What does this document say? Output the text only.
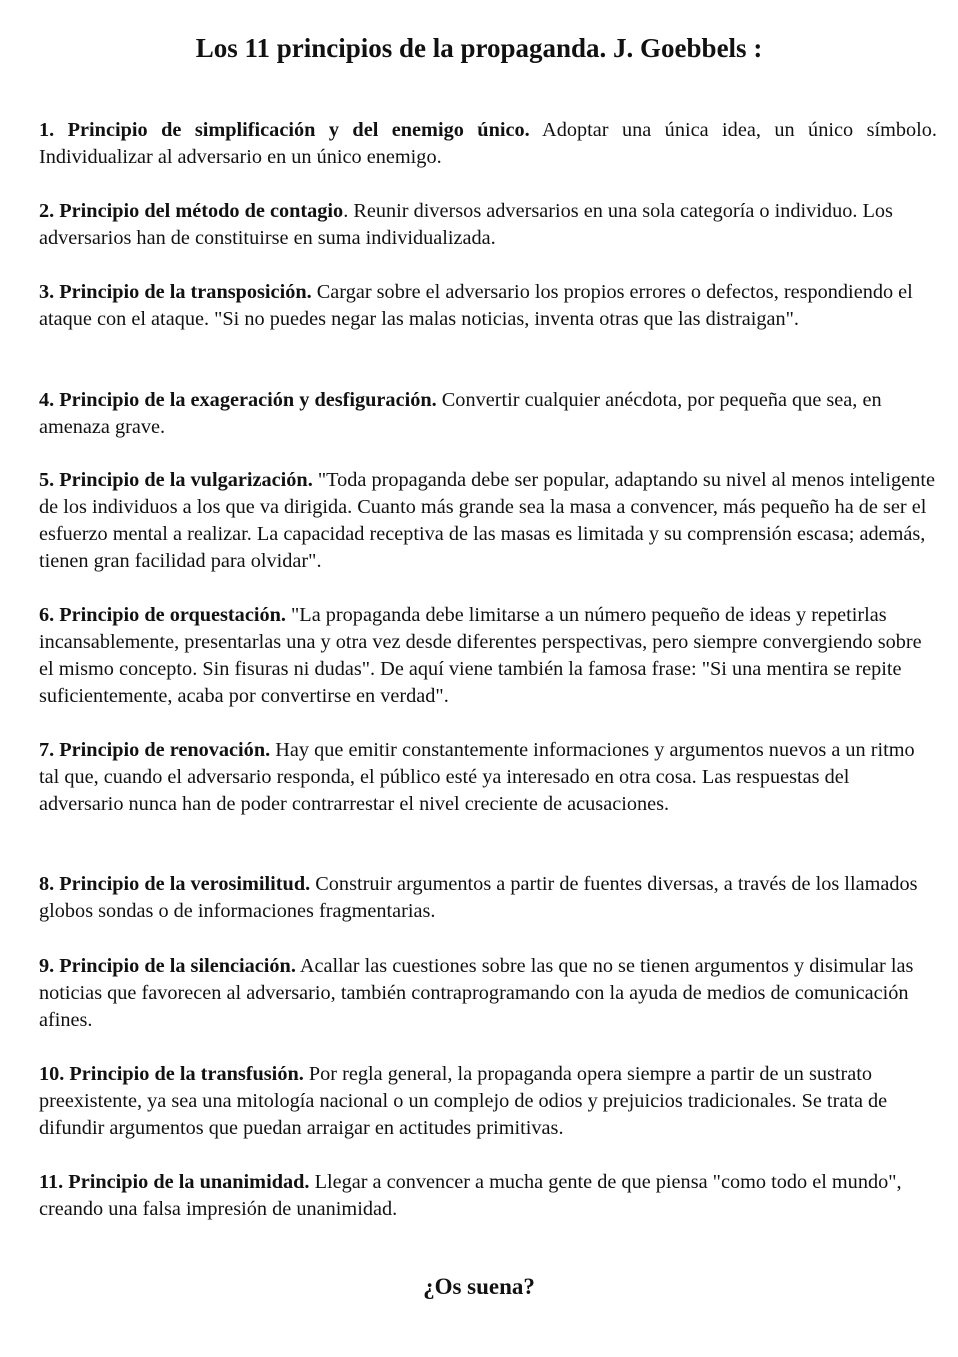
Los 11 principios de la propaganda. J. Goebbels :

1. Principio de simplificación y del enemigo único. Adoptar una única idea, un único símbolo. Individualizar al adversario en un único enemigo.

2. Principio del método de contagio. Reunir diversos adversarios en una sola categoría o individuo. Los adversarios han de constituirse en suma individualizada.

3. Principio de la transposición. Cargar sobre el adversario los propios errores o defectos, respondiendo el ataque con el ataque. "Si no puedes negar las malas noticias, inventa otras que las distraigan".

4. Principio de la exageración y desfiguración. Convertir cualquier anécdota, por pequeña que sea, en amenaza grave.

5. Principio de la vulgarización. "Toda propaganda debe ser popular, adaptando su nivel al menos inteligente de los individuos a los que va dirigida. Cuanto más grande sea la masa a convencer, más pequeño ha de ser el esfuerzo mental a realizar. La capacidad receptiva de las masas es limitada y su comprensión escasa; además, tienen gran facilidad para olvidar".

6. Principio de orquestación. "La propaganda debe limitarse a un número pequeño de ideas y repetirlas incansablemente, presentarlas una y otra vez desde diferentes perspectivas, pero siempre convergiendo sobre el mismo concepto. Sin fisuras ni dudas". De aquí viene también la famosa frase: "Si una mentira se repite suficientemente, acaba por convertirse en verdad".

7. Principio de renovación. Hay que emitir constantemente informaciones y argumentos nuevos a un ritmo tal que, cuando el adversario responda, el público esté ya interesado en otra cosa. Las respuestas del adversario nunca han de poder contrarrestar el nivel creciente de acusaciones.

8. Principio de la verosimilitud. Construir argumentos a partir de fuentes diversas, a través de los llamados globos sondas o de informaciones fragmentarias.

9. Principio de la silenciación. Acallar las cuestiones sobre las que no se tienen argumentos y disimular las noticias que favorecen al adversario, también contraprogramando con la ayuda de medios de comunicación afines.

10. Principio de la transfusión. Por regla general, la propaganda opera siempre a partir de un sustrato preexistente, ya sea una mitología nacional o un complejo de odios y prejuicios tradicionales. Se trata de difundir argumentos que puedan arraigar en actitudes primitivas.

11. Principio de la unanimidad. Llegar a convencer a mucha gente de que piensa "como todo el mundo", creando una falsa impresión de unanimidad.

¿Os suena?
